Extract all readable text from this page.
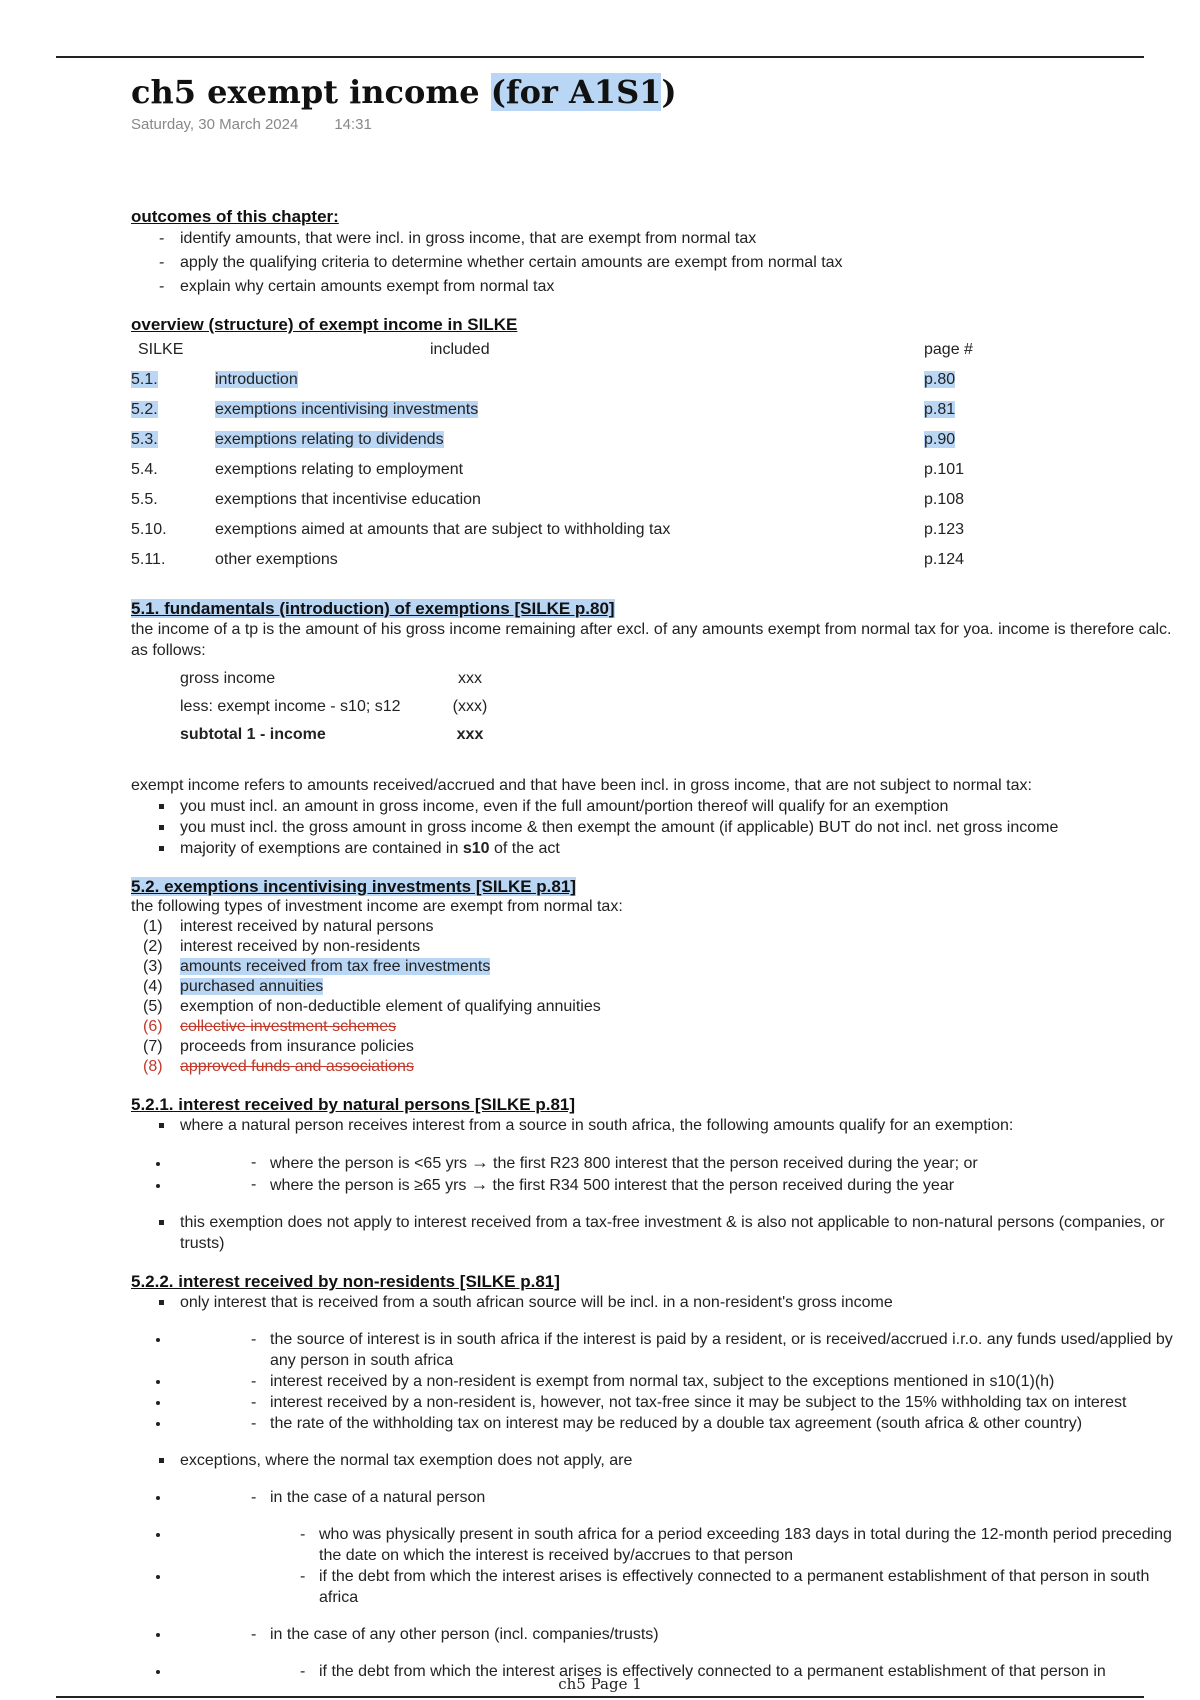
ch5 exempt income (for A1S1)
Saturday, 30 March 2024 14:31
outcomes of this chapter:
- identify amounts, that were incl. in gross income, that are exempt from normal tax
- apply the qualifying criteria to determine whether certain amounts are exempt from normal tax
- explain why certain amounts exempt from normal tax
overview (structure) of exempt income in SILKE
SILKE	included	page #
5.1.	introduction	p.80
5.2.	exemptions incentivising investments	p.81
5.3.	exemptions relating to dividends	p.90
5.4.	exemptions relating to employment	p.101
5.5.	exemptions that incentivise education	p.108
5.10.	exemptions aimed at amounts that are subject to withholding tax	p.123
5.11.	other exemptions	p.124
5.1. fundamentals (introduction) of exemptions [SILKE p.80]
the income of a tp is the amount of his gross income remaining after excl. of any amounts exempt from normal tax for yoa. income is therefore calc. as follows:
gross income	xxx
less: exempt income - s10; s12	(xxx)
subtotal 1 - income	xxx
exempt income refers to amounts received/accrued and that have been incl. in gross income, that are not subject to normal tax:
you must incl. an amount in gross income, even if the full amount/portion thereof will qualify for an exemption
you must incl. the gross amount in gross income & then exempt the amount (if applicable) BUT do not incl. net gross income
majority of exemptions are contained in s10 of the act
5.2. exemptions incentivising investments [SILKE p.81]
the following types of investment income are exempt from normal tax:
(1) interest received by natural persons
(2) interest received by non-residents
(3) amounts received from tax free investments
(4) purchased annuities
(5) exemption of non-deductible element of qualifying annuities
(6) collective investment schemes
(7) proceeds from insurance policies
(8) approved funds and associations
5.2.1. interest received by natural persons [SILKE p.81]
where a natural person receives interest from a source in south africa, the following amounts qualify for an exemption:
- • where the person is <65 yrs → the first R23 800 interest that the person received during the year; or
- • where the person is ≥65 yrs → the first R34 500 interest that the person received during the year
this exemption does not apply to interest received from a tax-free investment & is also not applicable to non-natural persons (companies, or trusts)
5.2.2. interest received by non-residents [SILKE p.81]
only interest that is received from a south african source will be incl. in a non-resident's gross income
- • the source of interest is in south africa if the interest is paid by a resident, or is received/accrued i.r.o. any funds used/applied by any person in south africa
- • interest received by a non-resident is exempt from normal tax, subject to the exceptions mentioned in s10(1)(h)
- • interest received by a non-resident is, however, not tax-free since it may be subject to the 15% withholding tax on interest
- • the rate of the withholding tax on interest may be reduced by a double tax agreement (south africa & other country)
exceptions, where the normal tax exemption does not apply, are
- • in the case of a natural person
- • who was physically present in south africa for a period exceeding 183 days in total during the 12-month period preceding the date on which the interest is received by/accrues to that person
- • if the debt from which the interest arises is effectively connected to a permanent establishment of that person in south africa
- • in the case of any other person (incl. companies/trusts)
- • if the debt from which the interest arises is effectively connected to a permanent establishment of that person in
ch5 Page 1
